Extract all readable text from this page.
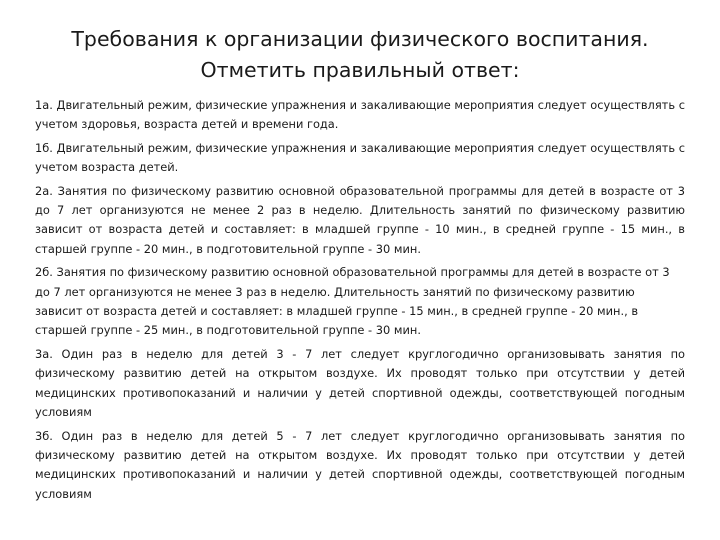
Требования к организации физического воспитания.
Отметить правильный ответ:

1а. Двигательный режим, физические упражнения и закаливающие мероприятия следует осуществлять с учетом здоровья, возраста детей и времени года.

1б. Двигательный режим, физические упражнения и закаливающие мероприятия следует осуществлять с учетом возраста детей.

2а. Занятия по физическому развитию основной образовательной программы для детей в возрасте от 3 до 7 лет организуются не менее 2 раз в неделю. Длительность занятий по физическому развитию зависит от возраста детей и составляет: в младшей группе - 10 мин., в средней группе - 15 мин., в старшей группе - 20 мин., в подготовительной группе - 30 мин.

2б. Занятия по физическому развитию основной образовательной программы для детей в возрасте от 3 до 7 лет организуются не менее 3 раз в неделю. Длительность занятий по физическому развитию зависит от возраста детей и составляет: в младшей группе - 15 мин., в средней группе - 20 мин., в старшей группе - 25 мин., в подготовительной группе - 30 мин.

3а. Один раз в неделю для детей 3 - 7 лет следует круглогодично организовывать занятия по физическому развитию детей на открытом воздухе. Их проводят только при отсутствии у детей медицинских противопоказаний и наличии у детей спортивной одежды, соответствующей погодным условиям

3б. Один раз в неделю для детей 5 - 7 лет следует круглогодично организовывать занятия по физическому развитию детей на открытом воздухе. Их проводят только при отсутствии у детей медицинских противопоказаний и наличии у детей спортивной одежды, соответствующей погодным условиям
